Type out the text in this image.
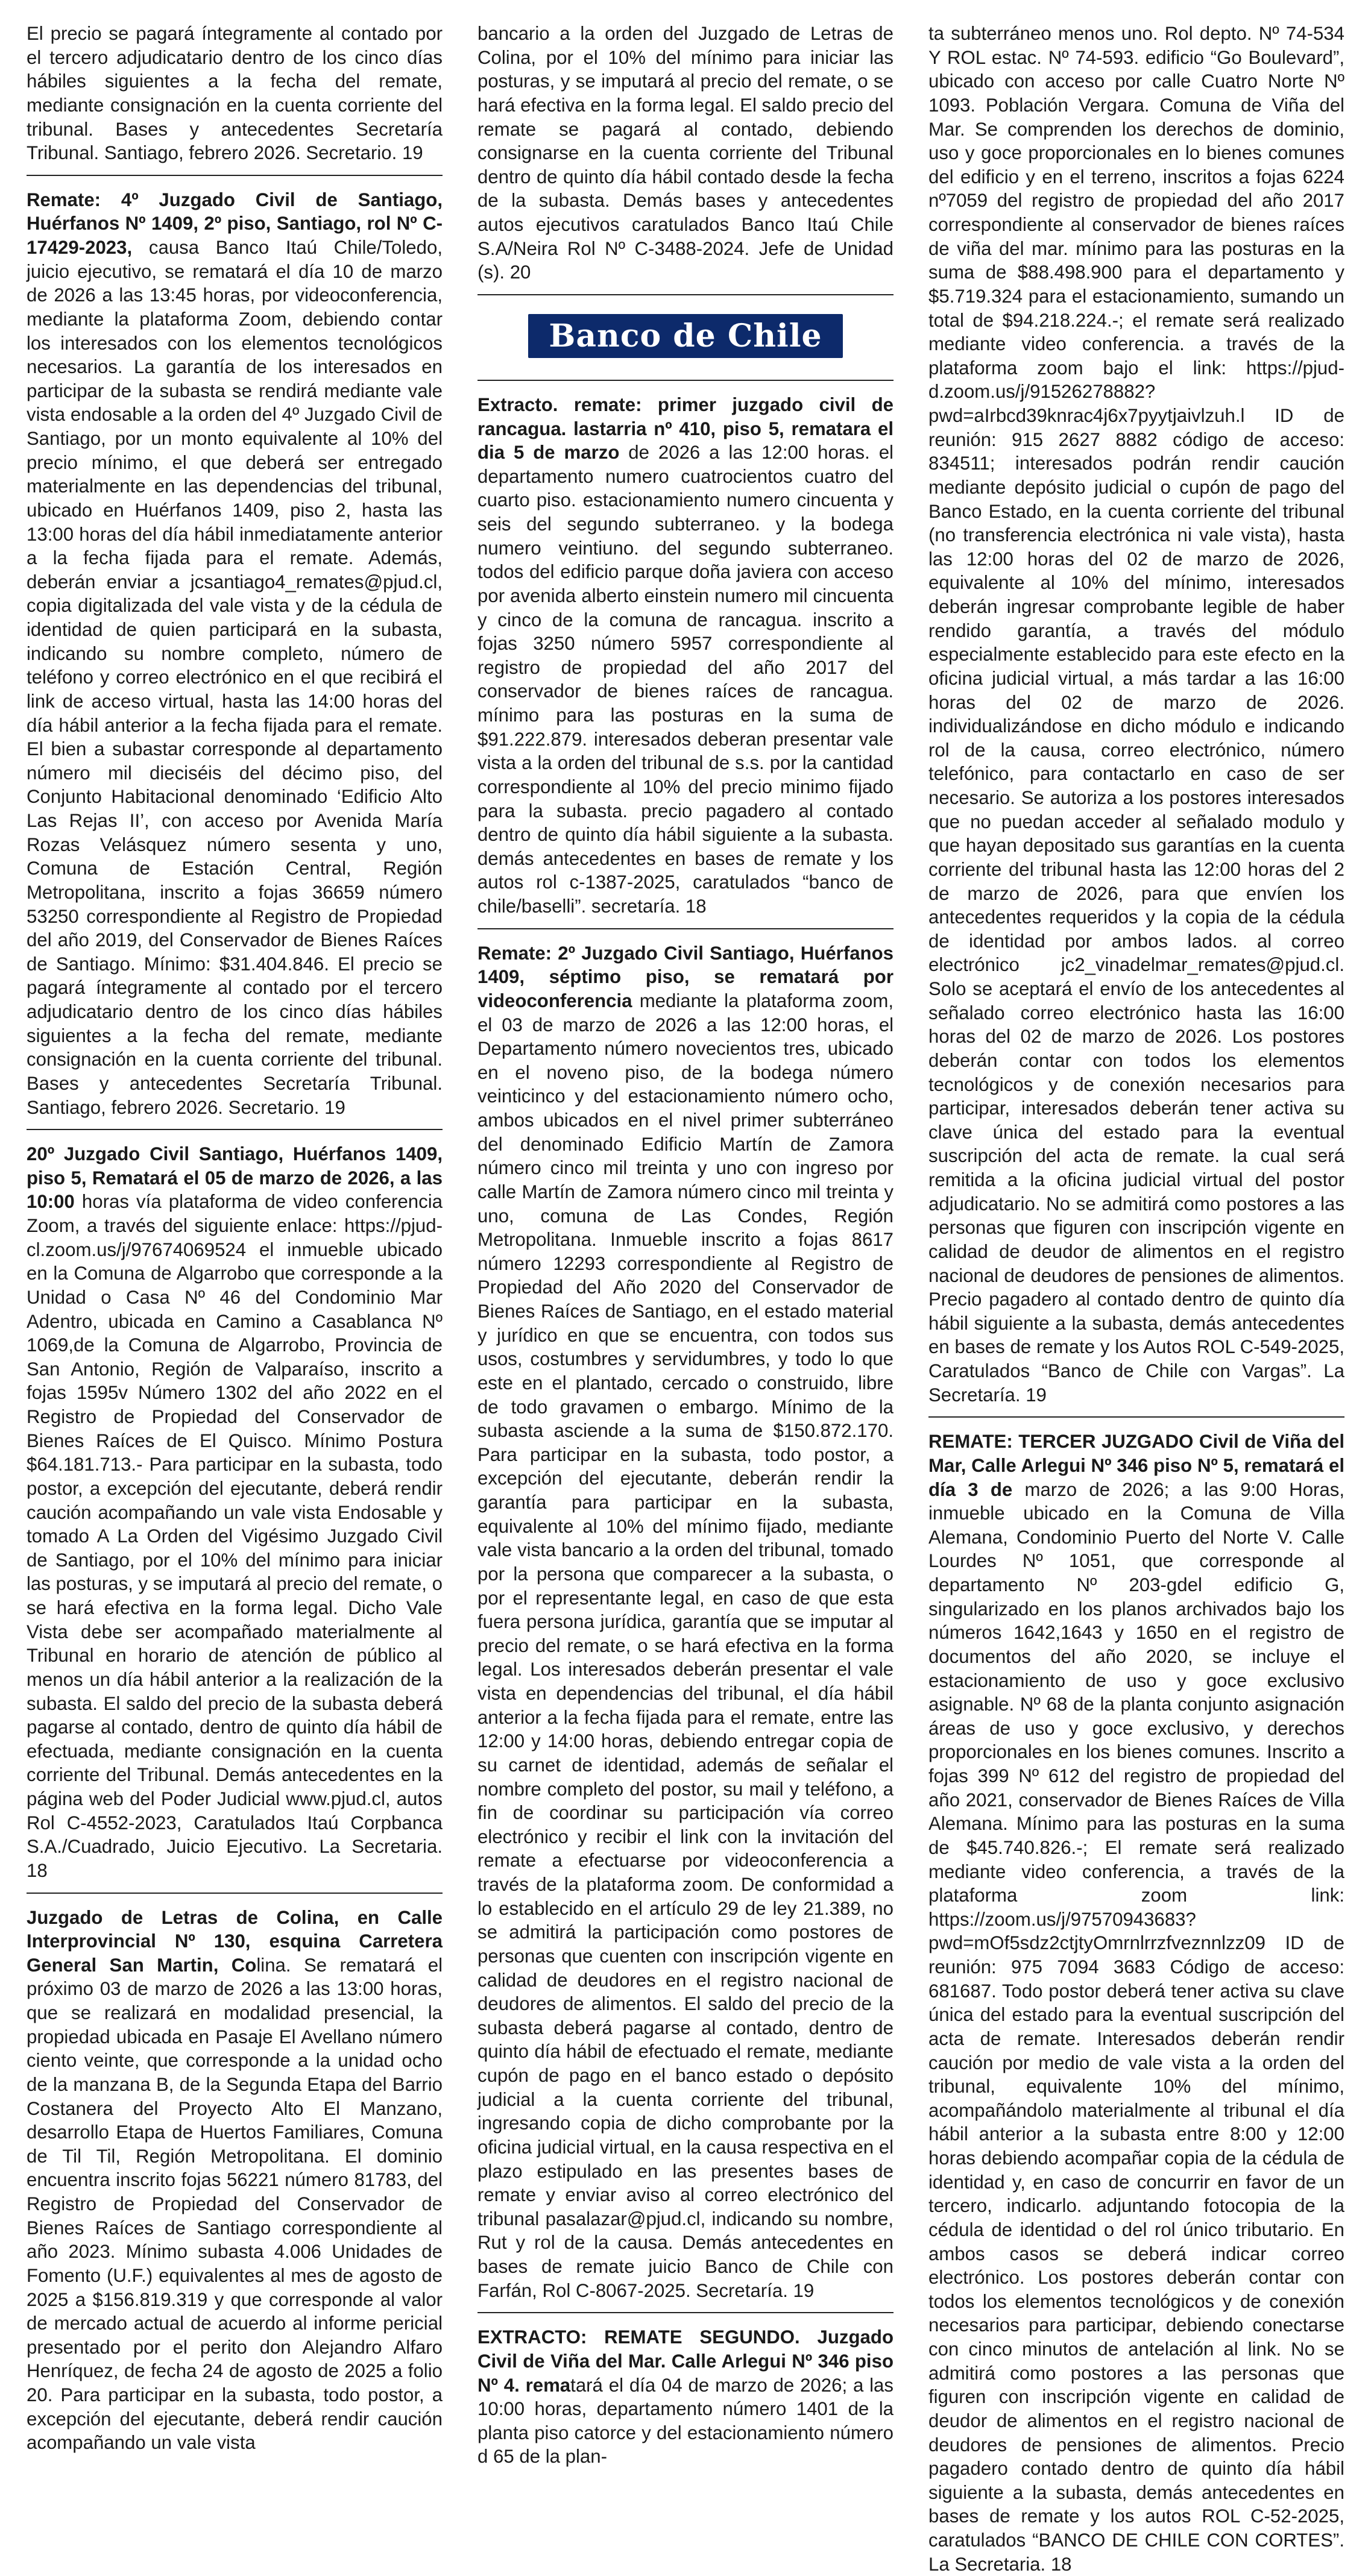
El precio se pagará íntegramente al contado por el tercero adjudicatario dentro de los cinco días hábiles siguientes a la fecha del remate, mediante consignación en la cuenta corriente del tribunal. Bases y antecedentes Secretaría Tribunal. Santiago, febrero 2026. Secretario. 19

Remate: 4º Juzgado Civil de Santiago, Huérfanos Nº 1409, 2º piso, Santiago, rol Nº C-17429-2023, causa Banco Itaú Chile/Toledo, juicio ejecutivo, se rematará el día 10 de marzo de 2026 a las 13:45 horas, por videoconferencia, mediante la plataforma Zoom, debiendo contar los interesados con los elementos tecnológicos necesarios. La garantía de los interesados en participar de la subasta se rendirá mediante vale vista endosable a la orden del 4º Juzgado Civil de Santiago, por un monto equivalente al 10% del precio mínimo, el que deberá ser entregado materialmente en las dependencias del tribunal, ubicado en Huérfanos 1409, piso 2, hasta las 13:00 horas del día hábil inmediatamente anterior a la fecha fijada para el remate. Además, deberán enviar a jcsantiago4_remates@pjud.cl, copia digitalizada del vale vista y de la cédula de identidad de quien participará en la subasta, indicando su nombre completo, número de teléfono y correo electrónico en el que recibirá el link de acceso virtual, hasta las 14:00 horas del día hábil anterior a la fecha fijada para el remate. El bien a subastar corresponde al departamento número mil dieciséis del décimo piso, del Conjunto Habitacional denominado ‘Edificio Alto Las Rejas II’, con acceso por Avenida María Rozas Velásquez número sesenta y uno, Comuna de Estación Central, Región Metropolitana, inscrito a fojas 36659 número 53250 correspondiente al Registro de Propiedad del año 2019, del Conservador de Bienes Raíces de Santiago. Mínimo: $31.404.846. El precio se pagará íntegramente al contado por el tercero adjudicatario dentro de los cinco días hábiles siguientes a la fecha del remate, mediante consignación en la cuenta corriente del tribunal. Bases y antecedentes Secretaría Tribunal. Santiago, febrero 2026. Secretario. 19

20º Juzgado Civil Santiago, Huérfanos 1409, piso 5, Rematará el 05 de marzo de 2026, a las 10:00 horas vía plataforma de video conferencia Zoom, a través del siguiente enlace: https://pjud-cl.zoom.us/j/97674069524 el inmueble ubicado en la Comuna de Algarrobo que corresponde a la Unidad o Casa Nº 46 del Condominio Mar Adentro, ubicada en Camino a Casablanca Nº 1069,de la Comuna de Algarrobo, Provincia de San Antonio, Región de Valparaíso, inscrito a fojas 1595v Número 1302 del año 2022 en el Registro de Propiedad del Conservador de Bienes Raíces de El Quisco. Mínimo Postura $64.181.713.- Para participar en la subasta, todo postor, a excepción del ejecutante, deberá rendir caución acompañando un vale vista Endosable y tomado A La Orden del Vigésimo Juzgado Civil de Santiago, por el 10% del mínimo para iniciar las posturas, y se imputará al precio del remate, o se hará efectiva en la forma legal. Dicho Vale Vista debe ser acompañado materialmente al Tribunal en horario de atención de público al menos un día hábil anterior a la realización de la subasta. El saldo del precio de la subasta deberá pagarse al contado, dentro de quinto día hábil de efectuada, mediante consignación en la cuenta corriente del Tribunal. Demás antecedentes en la página web del Poder Judicial www.pjud.cl, autos Rol C-4552-2023, Caratulados Itaú Corpbanca S.A./Cuadrado, Juicio Ejecutivo. La Secretaria. 18

Juzgado de Letras de Colina, en Calle Interprovincial Nº 130, esquina Carretera General San Martin, Colina. Se rematará el próximo 03 de marzo de 2026 a las 13:00 horas, que se realizará en modalidad presencial, la propiedad ubicada en Pasaje El Avellano número ciento veinte, que corresponde a la unidad ocho de la manzana B, de la Segunda Etapa del Barrio Costanera del Proyecto Alto El Manzano, desarrollo Etapa de Huertos Familiares, Comuna de Til Til, Región Metropolitana. El dominio encuentra inscrito fojas 56221 número 81783, del Registro de Propiedad del Conservador de Bienes Raíces de Santiago correspondiente al año 2023. Mínimo subasta 4.006 Unidades de Fomento (U.F.) equivalentes al mes de agosto de 2025 a $156.819.319 y que corresponde al valor de mercado actual de acuerdo al informe pericial presentado por el perito don Alejandro Alfaro Henríquez, de fecha 24 de agosto de 2025 a folio 20. Para participar en la subasta, todo postor, a excepción del ejecutante, deberá rendir caución acompañando un vale vista

bancario a la orden del Juzgado de Letras de Colina, por el 10% del mínimo para iniciar las posturas, y se imputará al precio del remate, o se hará efectiva en la forma legal. El saldo precio del remate se pagará al contado, debiendo consignarse en la cuenta corriente del Tribunal dentro de quinto día hábil contado desde la fecha de la subasta. Demás bases y antecedentes autos ejecutivos caratulados Banco Itaú Chile S.A/Neira Rol Nº C-3488-2024. Jefe de Unidad (s). 20

Banco de Chile

Extracto. remate: primer juzgado civil de rancagua. lastarria nº 410, piso 5, rematara el dia 5 de marzo de 2026 a las 12:00 horas. el departamento numero cuatrocientos cuatro del cuarto piso. estacionamiento numero cincuenta y seis del segundo subterraneo. y la bodega numero veintiuno. del segundo subterraneo. todos del edificio parque doña javiera con acceso por avenida alberto einstein numero mil cincuenta y cinco de la comuna de rancagua. inscrito a fojas 3250 número 5957 correspondiente al registro de propiedad del año 2017 del conservador de bienes raíces de rancagua. mínimo para las posturas en la suma de $91.222.879. interesados deberan presentar vale vista a la orden del tribunal de s.s. por la cantidad correspondiente al 10% del precio minimo fijado para la subasta. precio pagadero al contado dentro de quinto día hábil siguiente a la subasta. demás antecedentes en bases de remate y los autos rol c-1387-2025, caratulados “banco de chile/baselli”. secretaría. 18

Remate: 2º Juzgado Civil Santiago, Huérfanos 1409, séptimo piso, se rematará por videoconferencia mediante la plataforma zoom, el 03 de marzo de 2026 a las 12:00 horas, el Departamento número novecientos tres, ubicado en el noveno piso, de la bodega número veinticinco y del estacionamiento número ocho, ambos ubicados en el nivel primer subterráneo del denominado Edificio Martín de Zamora número cinco mil treinta y uno con ingreso por calle Martín de Zamora número cinco mil treinta y uno, comuna de Las Condes, Región Metropolitana. Inmueble inscrito a fojas 8617 número 12293 correspondiente al Registro de Propiedad del Año 2020 del Conservador de Bienes Raíces de Santiago, en el estado material y jurídico en que se encuentra, con todos sus usos, costumbres y servidumbres, y todo lo que este en el plantado, cercado o construido, libre de todo gravamen o embargo. Mínimo de la subasta asciende a la suma de $150.872.170. Para participar en la subasta, todo postor, a excepción del ejecutante, deberán rendir la garantía para participar en la subasta, equivalente al 10% del mínimo fijado, mediante vale vista bancario a la orden del tribunal, tomado por la persona que comparecer a la subasta, o por el representante legal, en caso de que esta fuera persona jurídica, garantía que se imputar al precio del remate, o se hará efectiva en la forma legal. Los interesados deberán presentar el vale vista en dependencias del tribunal, el día hábil anterior a la fecha fijada para el remate, entre las 12:00 y 14:00 horas, debiendo entregar copia de su carnet de identidad, además de señalar el nombre completo del postor, su mail y teléfono, a fin de coordinar su participación vía correo electrónico y recibir el link con la invitación del remate a efectuarse por videoconferencia a través de la plataforma zoom. De conformidad a lo establecido en el artículo 29 de ley 21.389, no se admitirá la participación como postores de personas que cuenten con inscripción vigente en calidad de deudores en el registro nacional de deudores de alimentos. El saldo del precio de la subasta deberá pagarse al contado, dentro de quinto día hábil de efectuado el remate, mediante cupón de pago en el banco estado o depósito judicial a la cuenta corriente del tribunal, ingresando copia de dicho comprobante por la oficina judicial virtual, en la causa respectiva en el plazo estipulado en las presentes bases de remate y enviar aviso al correo electrónico del tribunal pasalazar@pjud.cl, indicando su nombre, Rut y rol de la causa. Demás antecedentes en bases de remate juicio Banco de Chile con Farfán, Rol C-8067-2025. Secretaría. 19

EXTRACTO: REMATE SEGUNDO. Juzgado Civil de Viña del Mar. Calle Arlegui Nº 346 piso Nº 4. rematará el día 04 de marzo de 2026; a las 10:00 horas, departamento número 1401 de la planta piso catorce y del estacionamiento número d 65 de la plan-

ta subterráneo menos uno. Rol depto. Nº 74-534 Y ROL estac. Nº 74-593. edificio “Go Boulevard”, ubicado con acceso por calle Cuatro Norte Nº 1093. Población Vergara. Comuna de Viña del Mar. Se comprenden los derechos de dominio, uso y goce proporcionales en lo bienes comunes del edificio y en el terreno, inscritos a fojas 6224 nº7059 del registro de propiedad del año 2017 correspondiente al conservador de bienes raíces de viña del mar. mínimo para las posturas en la suma de $88.498.900 para el departamento y $5.719.324 para el estacionamiento, sumando un total de $94.218.224.-; el remate será realizado mediante video conferencia. a través de la plataforma zoom bajo el link: https://pjud-d.zoom.us/j/91526278882?pwd=aIrbcd39knrac4j6x7pyytjaivlzuh.l ID de reunión: 915 2627 8882 código de acceso: 834511; interesados podrán rendir caución mediante depósito judicial o cupón de pago del Banco Estado, en la cuenta corriente del tribunal (no transferencia electrónica ni vale vista), hasta las 12:00 horas del 02 de marzo de 2026, equivalente al 10% del mínimo, interesados deberán ingresar comprobante legible de haber rendido garantía, a través del módulo especialmente establecido para este efecto en la oficina judicial virtual, a más tardar a las 16:00 horas del 02 de marzo de 2026. individualizándose en dicho módulo e indicando rol de la causa, correo electrónico, número telefónico, para contactarlo en caso de ser necesario. Se autoriza a los postores interesados que no puedan acceder al señalado modulo y que hayan depositado sus garantías en la cuenta corriente del tribunal hasta las 12:00 horas del 2 de marzo de 2026, para que envíen los antecedentes requeridos y la copia de la cédula de identidad por ambos lados. al correo electrónico jc2_vinadelmar_remates@pjud.cl. Solo se aceptará el envío de los antecedentes al señalado correo electrónico hasta las 16:00 horas del 02 de marzo de 2026. Los postores deberán contar con todos los elementos tecnológicos y de conexión necesarios para participar, interesados deberán tener activa su clave única del estado para la eventual suscripción del acta de remate. la cual será remitida a la oficina judicial virtual del postor adjudicatario. No se admitirá como postores a las personas que figuren con inscripción vigente en calidad de deudor de alimentos en el registro nacional de deudores de pensiones de alimentos. Precio pagadero al contado dentro de quinto día hábil siguiente a la subasta, demás antecedentes en bases de remate y los Autos ROL C-549-2025, Caratulados “Banco de Chile con Vargas”. La Secretaría. 19

REMATE: TERCER JUZGADO Civil de Viña del Mar, Calle Arlegui Nº 346 piso Nº 5, rematará el día 3 de marzo de 2026; a las 9:00 Horas, inmueble ubicado en la Comuna de Villa Alemana, Condominio Puerto del Norte V. Calle Lourdes Nº 1051, que corresponde al departamento Nº 203-gdel edificio G, singularizado en los planos archivados bajo los números 1642,1643 y 1650 en el registro de documentos del año 2020, se incluye el estacionamiento de uso y goce exclusivo asignable. Nº 68 de la planta conjunto asignación áreas de uso y goce exclusivo, y derechos proporcionales en los bienes comunes. Inscrito a fojas 399 Nº 612 del registro de propiedad del año 2021, conservador de Bienes Raíces de Villa Alemana. Mínimo para las posturas en la suma de $45.740.826.-; El remate será realizado mediante video conferencia, a través de la plataforma zoom link: https://zoom.us/j/97570943683?pwd=mOf5sdz2ctjtyOmrnlrrzfveznnlzz09 ID de reunión: 975 7094 3683 Código de acceso: 681687. Todo postor deberá tener activa su clave única del estado para la eventual suscripción del acta de remate. Interesados deberán rendir caución por medio de vale vista a la orden del tribunal, equivalente 10% del mínimo, acompañándolo materialmente al tribunal el día hábil anterior a la subasta entre 8:00 y 12:00 horas debiendo acompañar copia de la cédula de identidad y, en caso de concurrir en favor de un tercero, indicarlo. adjuntando fotocopia de la cédula de identidad o del rol único tributario. En ambos casos se deberá indicar correo electrónico. Los postores deberán contar con todos los elementos tecnológicos y de conexión necesarios para participar, debiendo conectarse con cinco minutos de antelación al link. No se admitirá como postores a las personas que figuren con inscripción vigente en calidad de deudor de alimentos en el registro nacional de deudores de pensiones de alimentos. Precio pagadero contado dentro de quinto día hábil siguiente a la subasta, demás antecedentes en bases de remate y los autos ROL C-52-2025, caratulados “BANCO DE CHILE CON CORTES”. La Secretaria. 18
